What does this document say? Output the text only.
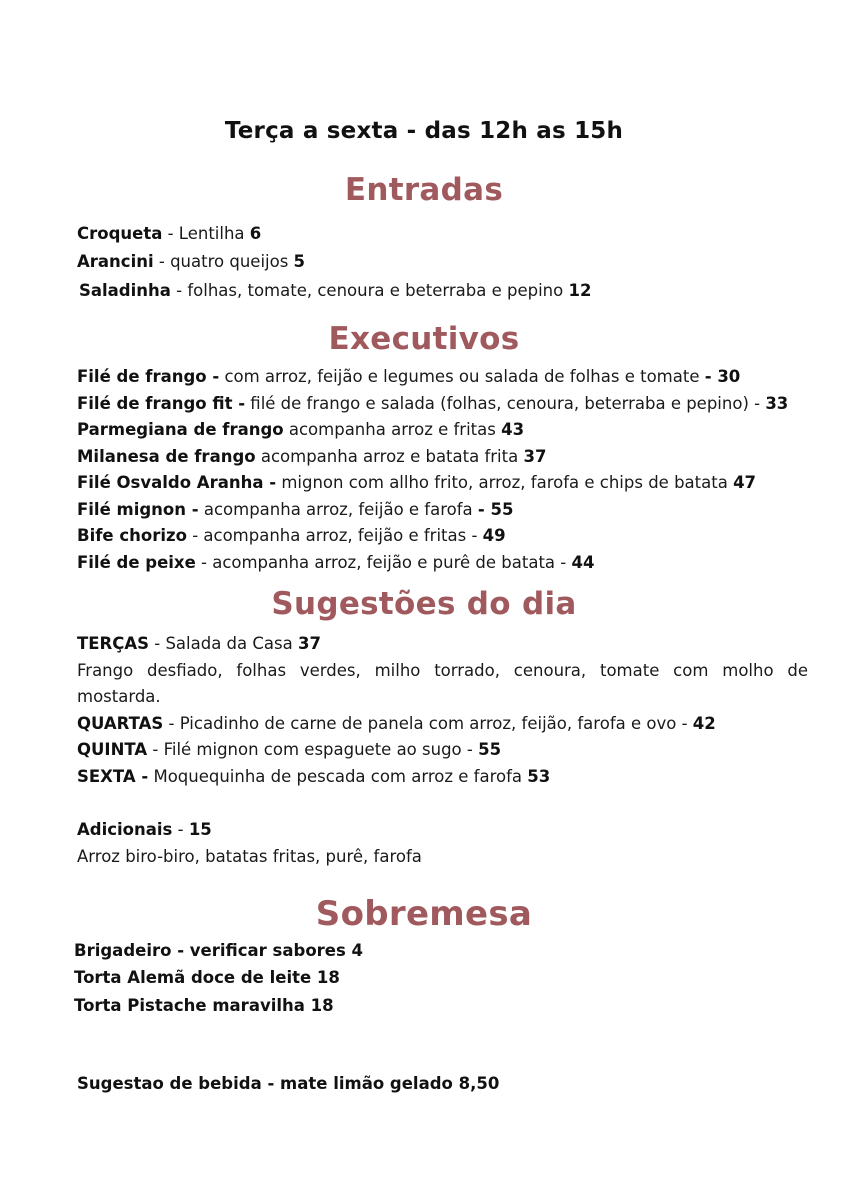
Terça a sexta - das 12h as 15h
Entradas
Croqueta - Lentilha 6
Arancini - quatro queijos 5
Saladinha - folhas, tomate, cenoura e beterraba e pepino 12
Executivos
Filé de frango - com arroz, feijão e legumes ou salada de folhas e tomate - 30
Filé de frango fit - filé de frango e salada (folhas, cenoura, beterraba e pepino) - 33
Parmegiana de frango acompanha arroz e fritas 43
Milanesa de frango acompanha arroz e batata frita 37
Filé Osvaldo Aranha - mignon com allho frito, arroz, farofa e chips de batata 47
Filé mignon - acompanha arroz, feijão e farofa - 55
Bife chorizo - acompanha arroz, feijão e fritas - 49
Filé de peixe - acompanha arroz, feijão e purê de batata - 44
Sugestões do dia
TERÇAS - Salada da Casa 37
Frango desfiado, folhas verdes, milho torrado, cenoura, tomate com molho de mostarda.
QUARTAS - Picadinho de carne de panela com arroz, feijão, farofa e ovo - 42
QUINTA - Filé mignon com espaguete ao sugo - 55
SEXTA - Moquequinha de pescada com arroz e farofa 53
Adicionais - 15
Arroz biro-biro, batatas fritas, purê, farofa
Sobremesa
Brigadeiro - verificar sabores 4
Torta Alemã doce de leite 18
Torta Pistache maravilha 18
Sugestao de bebida - mate limão gelado 8,50
